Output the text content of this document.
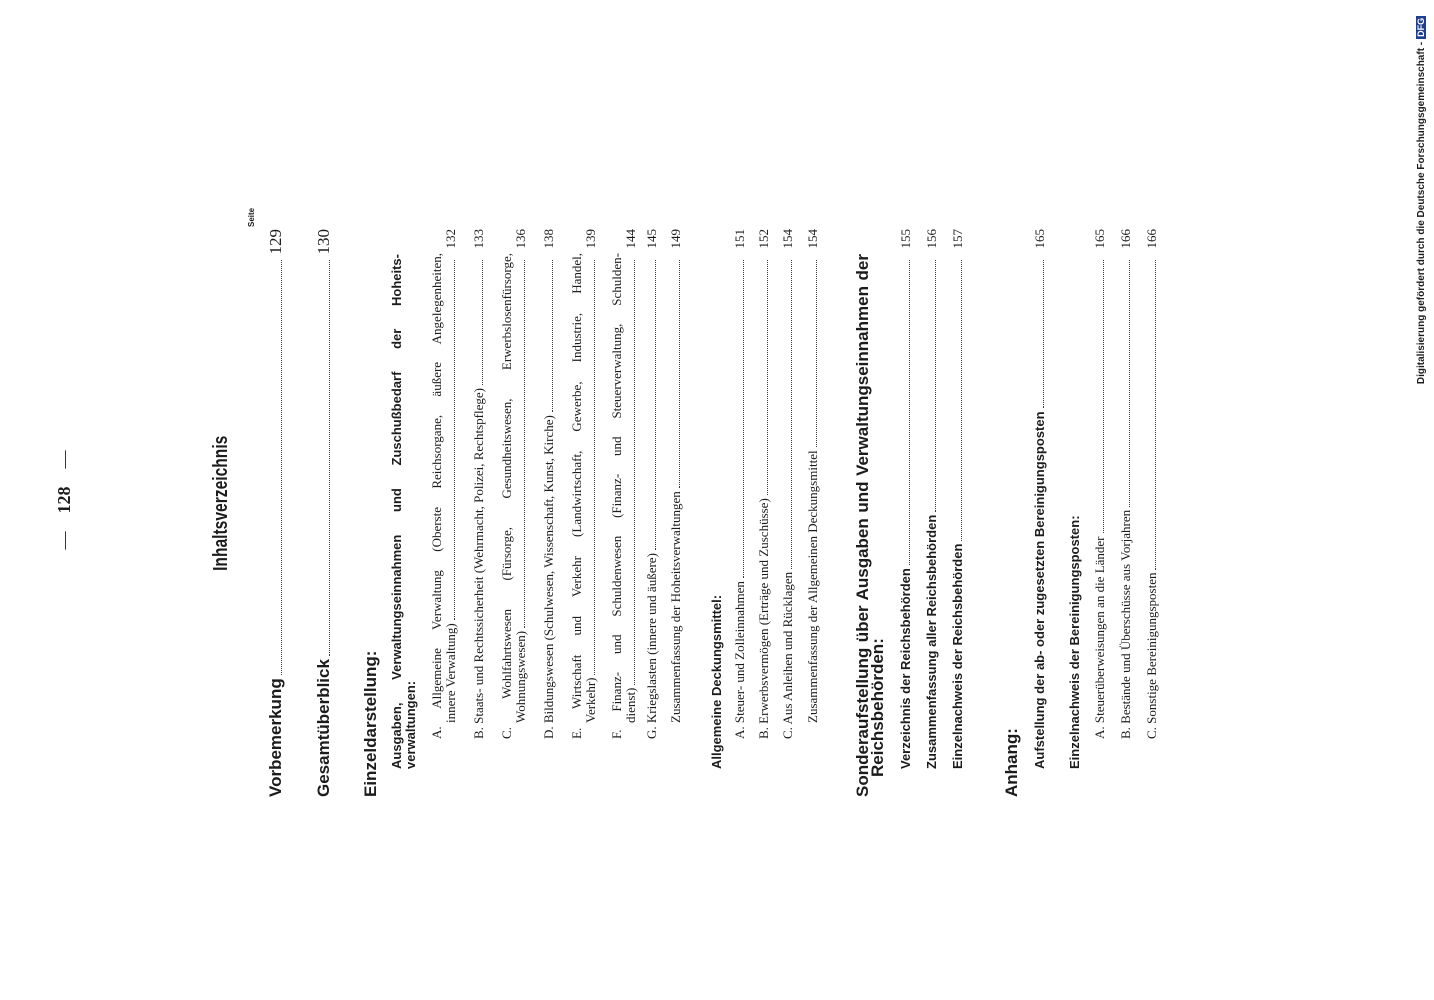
—
128
—	Inhaltsverzeichnis
Seite
Vorbemerkung
129
Gesamtüberblick
130
Einzeldarstellung: Ausgaben, Verwaltungseinnahmen und Zuschußbedarf der Hoheits- verwaltungen: A. Allgemeine Verwaltung (Oberste Reichsorgane, äußere Angelegenheiten, innere Verwaltung)
132
B. Staats- und Rechtssicherheit (Wehrmacht, Polizei, Rechtspflege)
133
C. Wohlfahrtswesen (Fürsorge, Gesundheitswesen, Erwerbslosenfürsorge, Wohnungswesen)
136
D. Bildungswesen (Schulwesen, Wissenschaft, Kunst, Kirche)
138
E. Wirtschaft und Verkehr (Landwirtschaft, Gewerbe, Industrie, Handel, Verkehr)
139
F. Finanz- und Schuldenwesen (Finanz- und Steuerverwaltung, Schulden- dienst)
144
G. Kriegslasten (innere und äußere)
145
Zusammenfassung der Hoheitsverwaltungen
149
Allgemeine Deckungsmittel: A. Steuer- und Zolleinnahmen
151
B. Erwerbsvermögen (Erträge und Zuschüsse)
152
C. Aus Anleihen und Rücklagen
154
Zusammenfassung der Allgemeinen Deckungsmittel
154
Sonderaufstellung über Ausgaben und Verwaltungseinnahmen der
Reichsbehörden: Verzeichnis der Reichsbehörden
155
Zusammenfassung aller Reichsbehörden
156
Einzelnachweis der Reichsbehörden
157
Anhang: Aufstellung der ab- oder zugesetzten Bereinigungsposten
165
Einzelnachweis der Bereinigungsposten: A. Steuerüberweisungen an die Länder
165
B. Bestände und Überschüsse aus Vorjahren
166
C. Sonstige Bereinigungsposten
166	Digitalisierung gefördert durch die Deutsche Forschungsgemeinschaft -DFG
